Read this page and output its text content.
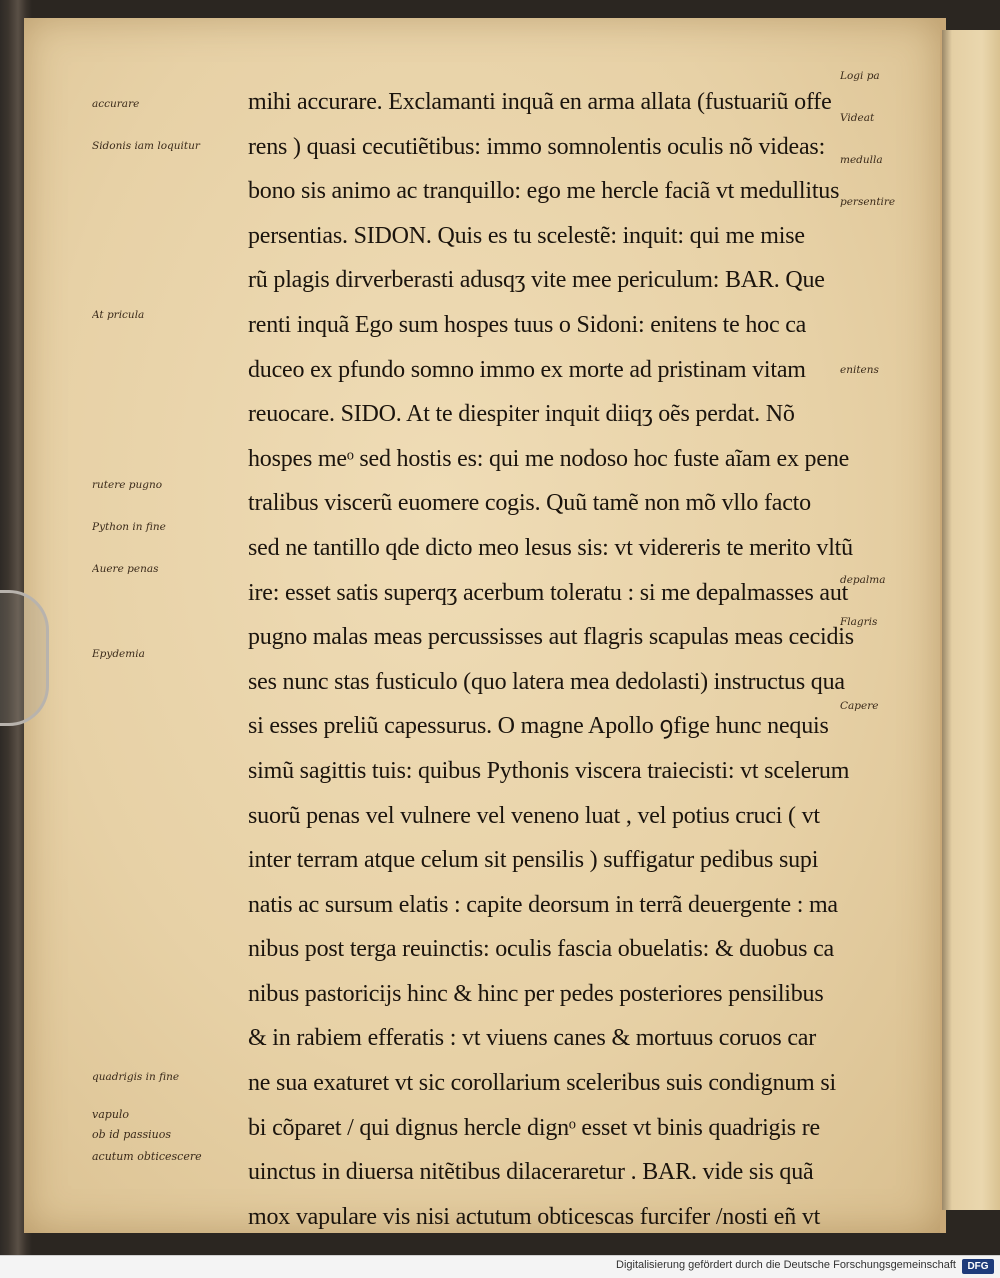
mihi accurare. Exclamanti inquã en arma allata (fustuariũ offe
rens ) quasi cecutiẽtibus: immo somnolentis oculis nõ videas:
bono sis animo ac tranquillo: ego me hercle faciã vt medullitus
persentias. SIDON. Quis es tu scelestẽ: inquit: qui me mise
rũ plagis dirverberasti adusqʒ vite mee periculum: BAR. Que
renti inquã Ego sum hospes tuus o Sidoni: enitens te hoc ca
duceo ex pfundo somno immo ex morte ad pristinam vitam
reuocare. SIDO. At te diespiter inquit diiqʒ oẽs perdat. Nõ
hospes meᵒ sed hostis es: qui me nodoso hoc fuste aĩam ex pene
tralibus viscerũ euomere cogis. Quũ tamẽ non mõ vllo facto
sed ne tantillo qde dicto meo lesus sis: vt videreris te merito vltũ
ire: esset satis superqʒ acerbum toleratu : si me depalmasses aut
pugno malas meas percussisses aut flagris scapulas meas cecidis
ses nunc stas fusticulo (quo latera mea dedolasti) instructus qua
si esses preliũ capessurus. O magne Apollo ꝯfige hunc nequis
simũ sagittis tuis: quibus Pythonis viscera traiecisti: vt scelerum
suorũ penas vel vulnere vel veneno luat , vel potius cruci ( vt
inter terram atque celum sit pensilis ) suffigatur pedibus supi
natis ac sursum elatis : capite deorsum in terrã deuergente : ma
nibus post terga reuinctis: oculis fascia obuelatis: & duobus ca
nibus pastoricijs hinc & hinc per pedes posteriores pensilibus
& in rabiem efferatis : vt viuens canes & mortuus coruos car
ne sua exaturet vt sic corollarium sceleribus suis condignum si
bi cõparet / qui dignus hercle dignᵒ esset vt binis quadrigis re
uinctus in diuersa nitẽtibus dilaceraretur . BAR. vide sis quã
mox vapulare vis nisi actutum obticescas furcifer /nosti eñ vt
accurare
Sidonis iam loquitur
At pricula
rutere pugno
Python in fine
Auere penas
Epydemia
quadrigis in fine
Logi pa
Videat
medulla
persentire
enitens
depalma
Flagris
Capere
vapulo
ob id passiuos
acutum obticescere
Digitalisierung gefördert durch die Deutsche Forschungsgemeinschaft	DFG
